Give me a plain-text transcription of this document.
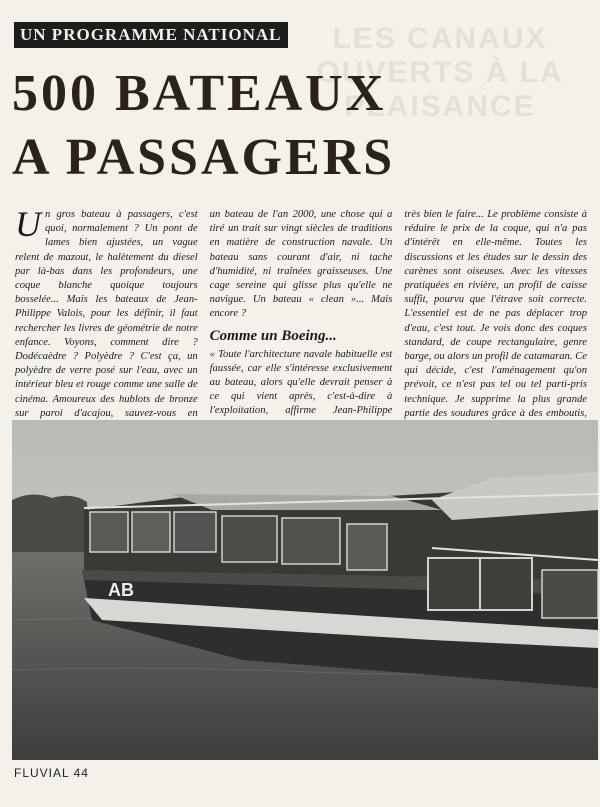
LES CANAUX
OUVERTS À LA PLAISANCE
UN PROGRAMME NATIONAL
500 BATEAUX
A PASSAGERS

U n gros bateau à passagers, c'est quoi, normalement ? Un pont de lames bien ajustées, un vague relent de mazout, le halètement du diesel par là-bas dans les profondeurs, une coque blanche quoique toujours bosselée... Mais les bateaux de Jean-Philippe Valois, pour les définir, il faut rechercher les livres de géométrie de notre enfance. Voyons, comment dire ? Dodécaèdre ? Polyèdre ? C'est ça, un polyèdre de verre posé sur l'eau, avec un intérieur bleu et rouge comme une salle de cinéma. Amoureux des hublots de bronze sur paroi d'acajou, sauvez-vous en

un bateau de l'an 2000, une chose qui a tiré un trait sur vingt siècles de traditions en matière de construction navale. Un bateau sans courant d'air, ni tache d'humidité, ni traînées graisseuses. Une cage sereine qui glisse plus qu'elle ne navigue. Un bateau « clean »... Mais encore ?

Comme un Boeing...

« Toute l'architecture navale habituelle est faussée, car elle s'intéresse exclusivement au bateau, alors qu'elle devrait penser à ce qui vient après, c'est-à-dire à l'exploitation, affirme Jean-Philippe

très bien le faire... Le problème consiste à réduire le prix de la coque, qui n'a pas d'intérêt en elle-même. Toutes les discussions et les études sur le dessin des carènes sont oiseuses. Avec les vitesses pratiquées en rivière, un profil de caisse suffit, pourvu que l'étrave soit correcte. L'essentiel est de ne pas déplacer trop d'eau, c'est tout. Je vois donc des coques standard, de coupe rectangulaire, genre barge, ou alors un profil de catamaran. Ce qui décide, c'est l'aménagement qu'on prévoit, ce n'est pas tel ou tel parti-pris technique. Je supprime la plus grande partie des soudures grâce à des emboutis,

AB
FLUVIAL 44
